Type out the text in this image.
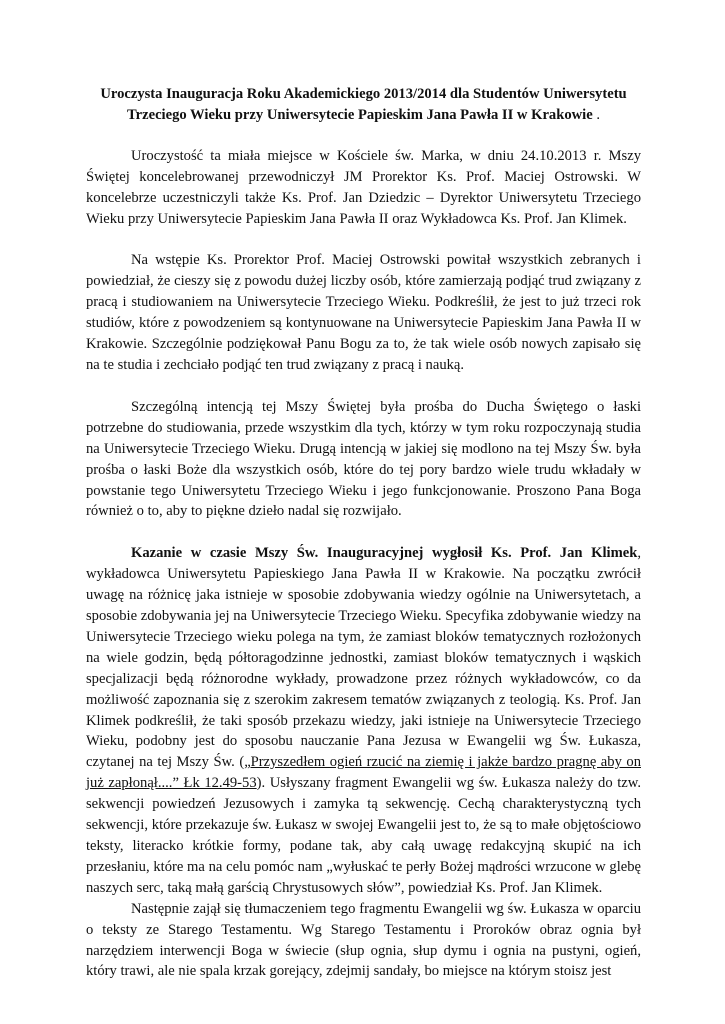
Uroczysta Inauguracja Roku Akademickiego 2013/2014 dla Studentów Uniwersytetu Trzeciego Wieku przy Uniwersytecie Papieskim Jana Pawła II w Krakowie .

Uroczystość ta miała miejsce w Kościele św. Marka, w dniu 24.10.2013 r. Mszy Świętej koncelebrowanej przewodniczył JM Prorektor Ks. Prof. Maciej Ostrowski. W koncelebrze uczestniczyli także Ks. Prof. Jan Dziedzic – Dyrektor Uniwersytetu Trzeciego Wieku przy Uniwersytecie Papieskim Jana Pawła II oraz Wykładowca Ks. Prof. Jan Klimek.

Na wstępie Ks. Prorektor Prof. Maciej Ostrowski powitał wszystkich zebranych i powiedział, że cieszy się z powodu dużej liczby osób, które zamierzają podjąć trud związany z pracą i studiowaniem na Uniwersytecie Trzeciego Wieku. Podkreślił, że jest to już trzeci rok studiów, które z powodzeniem są kontynuowane na Uniwersytecie Papieskim Jana Pawła II w Krakowie. Szczególnie podziękował Panu Bogu za to, że tak wiele osób nowych zapisało się na te studia i zechciało podjąć ten trud związany z pracą i nauką.

Szczególną intencją tej Mszy Świętej była prośba do Ducha Świętego o łaski potrzebne do studiowania, przede wszystkim dla tych, którzy w tym roku rozpoczynają studia na Uniwersytecie Trzeciego Wieku. Drugą intencją w jakiej się modlono na tej Mszy Św. była prośba o łaski Boże dla wszystkich osób, które do tej pory bardzo wiele trudu wkładały w powstanie tego Uniwersytetu Trzeciego Wieku i jego funkcjonowanie. Proszono Pana Boga również o to, aby to piękne dzieło nadal się rozwijało.

Kazanie w czasie Mszy Św. Inauguracyjnej wygłosił Ks. Prof. Jan Klimek, wykładowca Uniwersytetu Papieskiego Jana Pawła II w Krakowie. Na początku zwrócił uwagę na różnicę jaka istnieje w sposobie zdobywania wiedzy ogólnie na Uniwersytetach, a sposobie zdobywania jej na Uniwersytecie Trzeciego Wieku. Specyfika zdobywanie wiedzy na Uniwersytecie Trzeciego wieku polega na tym, że zamiast bloków tematycznych rozłożonych na wiele godzin, będą półtoragodzinne jednostki, zamiast bloków tematycznych i wąskich specjalizacji będą różnorodne wykłady, prowadzone przez różnych wykładowców, co da możliwość zapoznania się z szerokim zakresem tematów związanych z teologią. Ks. Prof. Jan Klimek podkreślił, że taki sposób przekazu wiedzy, jaki istnieje na Uniwersytecie Trzeciego Wieku, podobny jest do sposobu nauczanie Pana Jezusa w Ewangelii wg Św. Łukasza, czytanej na tej Mszy Św. („Przyszedłem ogień rzucić na ziemię i jakże bardzo pragnę aby on już zapłonął....” Łk 12.49-53). Usłyszany fragment Ewangelii wg św. Łukasza należy do tzw. sekwencji powiedzeń Jezusowych i zamyka tą sekwencję. Cechą charakterystyczną tych sekwencji, które przekazuje św. Łukasz w swojej Ewangelii jest to, że są to małe objętościowo teksty, literacko krótkie formy, podane tak, aby całą uwagę redakcyjną skupić na ich przesłaniu, które ma na celu pomóc nam „wyłuskać te perły Bożej mądrości wrzucone w glebę naszych serc, taką małą garścią Chrystusowych słów”, powiedział Ks. Prof. Jan Klimek.

Następnie zajął się tłumaczeniem tego fragmentu Ewangelii wg św. Łukasza w oparciu o teksty ze Starego Testamentu. Wg Starego Testamentu i Proroków obraz ognia był narzędziem interwencji Boga w świecie (słup ognia, słup dymu i ognia na pustyni, ogień, który trawi, ale nie spala krzak gorejący, zdejmij sandały, bo miejsce na którym stoisz jest
